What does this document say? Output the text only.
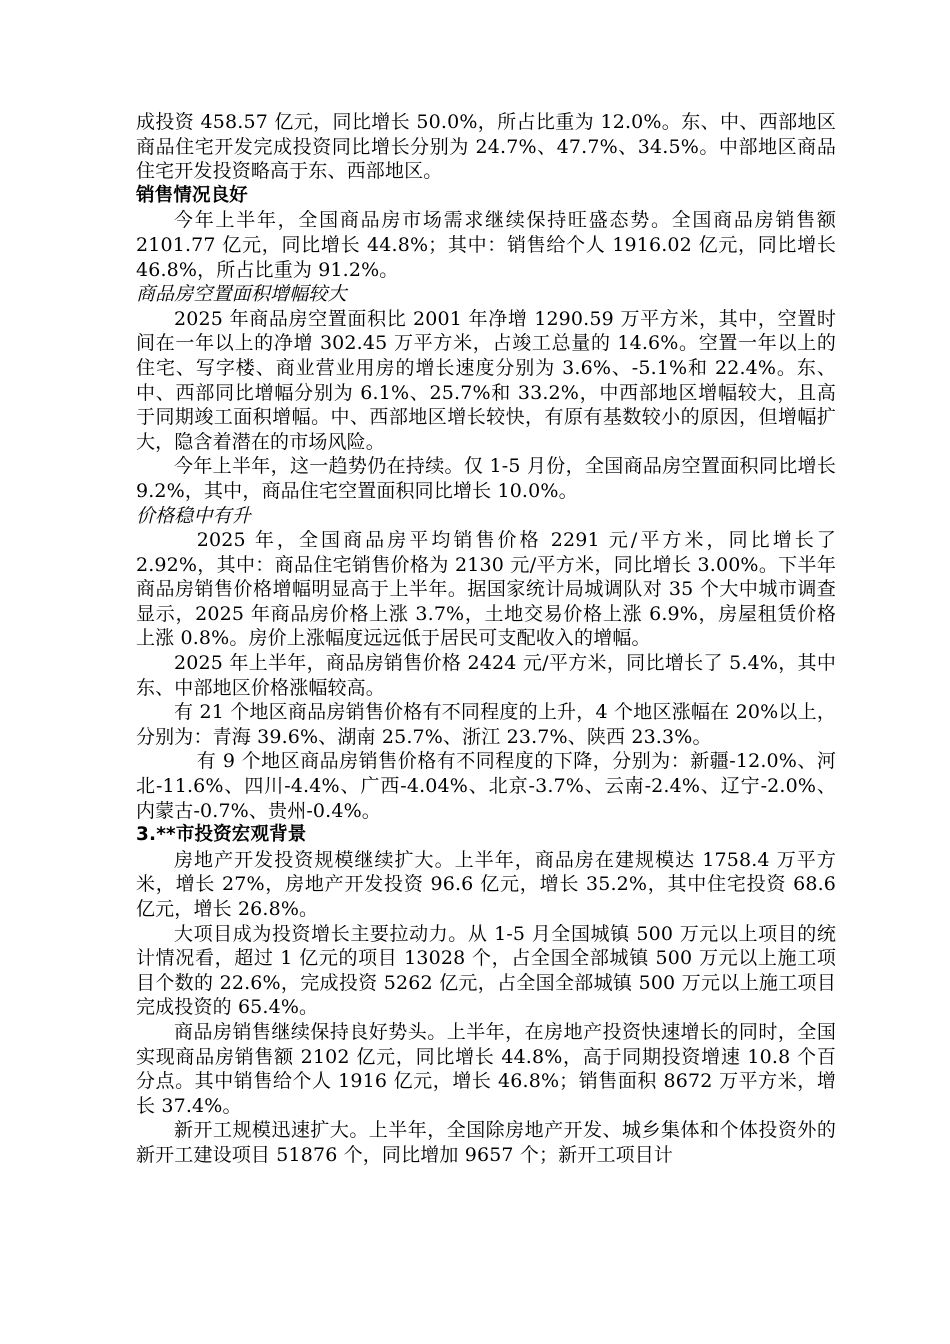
成投资 458.57 亿元，同比增长 50.0%，所占比重为 12.0%。东、中、西部地区商品住宅开发完成投资同比增长分别为 24.7%、47.7%、34.5%。中部地区商品住宅开发投资略高于东、西部地区。

销售情况良好

今年上半年，全国商品房市场需求继续保持旺盛态势。全国商品房销售额 2101.77 亿元，同比增长 44.8%；其中：销售给个人 1916.02 亿元，同比增长 46.8%，所占比重为 91.2%。

商品房空置面积增幅较大

2025 年商品房空置面积比 2001 年净增 1290.59 万平方米，其中，空置时间在一年以上的净增 302.45 万平方米，占竣工总量的 14.6%。空置一年以上的住宅、写字楼、商业营业用房的增长速度分别为 3.6%、-5.1%和 22.4%。东、中、西部同比增幅分别为 6.1%、25.7%和 33.2%，中西部地区增幅较大，且高于同期竣工面积增幅。中、西部地区增长较快，有原有基数较小的原因，但增幅扩大，隐含着潜在的市场风险。

今年上半年，这一趋势仍在持续。仅 1-5 月份，全国商品房空置面积同比增长 9.2%，其中，商品住宅空置面积同比增长 10.0%。

价格稳中有升

2025 年，全国商品房平均销售价格 2291 元/平方米，同比增长了 2.92%，其中：商品住宅销售价格为 2130 元/平方米，同比增长 3.00%。下半年商品房销售价格增幅明显高于上半年。据国家统计局城调队对 35 个大中城市调查显示，2025 年商品房价格上涨 3.7%，土地交易价格上涨 6.9%，房屋租赁价格上涨 0.8%。房价上涨幅度远远低于居民可支配收入的增幅。

2025 年上半年，商品房销售价格 2424 元/平方米，同比增长了 5.4%，其中东、中部地区价格涨幅较高。

有 21 个地区商品房销售价格有不同程度的上升，4 个地区涨幅在 20%以上，分别为：青海 39.6%、湖南 25.7%、浙江 23.7%、陕西 23.3%。

有 9 个地区商品房销售价格有不同程度的下降，分别为：新疆-12.0%、河北-11.6%、四川-4.4%、广西-4.04%、北京-3.7%、云南-2.4%、辽宁-2.0%、内蒙古-0.7%、贵州-0.4%。

3.**市投资宏观背景

房地产开发投资规模继续扩大。上半年，商品房在建规模达 1758.4 万平方米，增长 27%，房地产开发投资 96.6 亿元，增长 35.2%，其中住宅投资 68.6 亿元，增长 26.8%。

大项目成为投资增长主要拉动力。从 1-5 月全国城镇 500 万元以上项目的统计情况看，超过 1 亿元的项目 13028 个，占全国全部城镇 500 万元以上施工项目个数的 22.6%，完成投资 5262 亿元，占全国全部城镇 500 万元以上施工项目完成投资的 65.4%。

商品房销售继续保持良好势头。上半年，在房地产投资快速增长的同时，全国实现商品房销售额 2102 亿元，同比增长 44.8%，高于同期投资增速 10.8 个百分点。其中销售给个人 1916 亿元，增长 46.8%；销售面积 8672 万平方米，增长 37.4%。

新开工规模迅速扩大。上半年，全国除房地产开发、城乡集体和个体投资外的新开工建设项目 51876 个，同比增加 9657 个；新开工项目计
